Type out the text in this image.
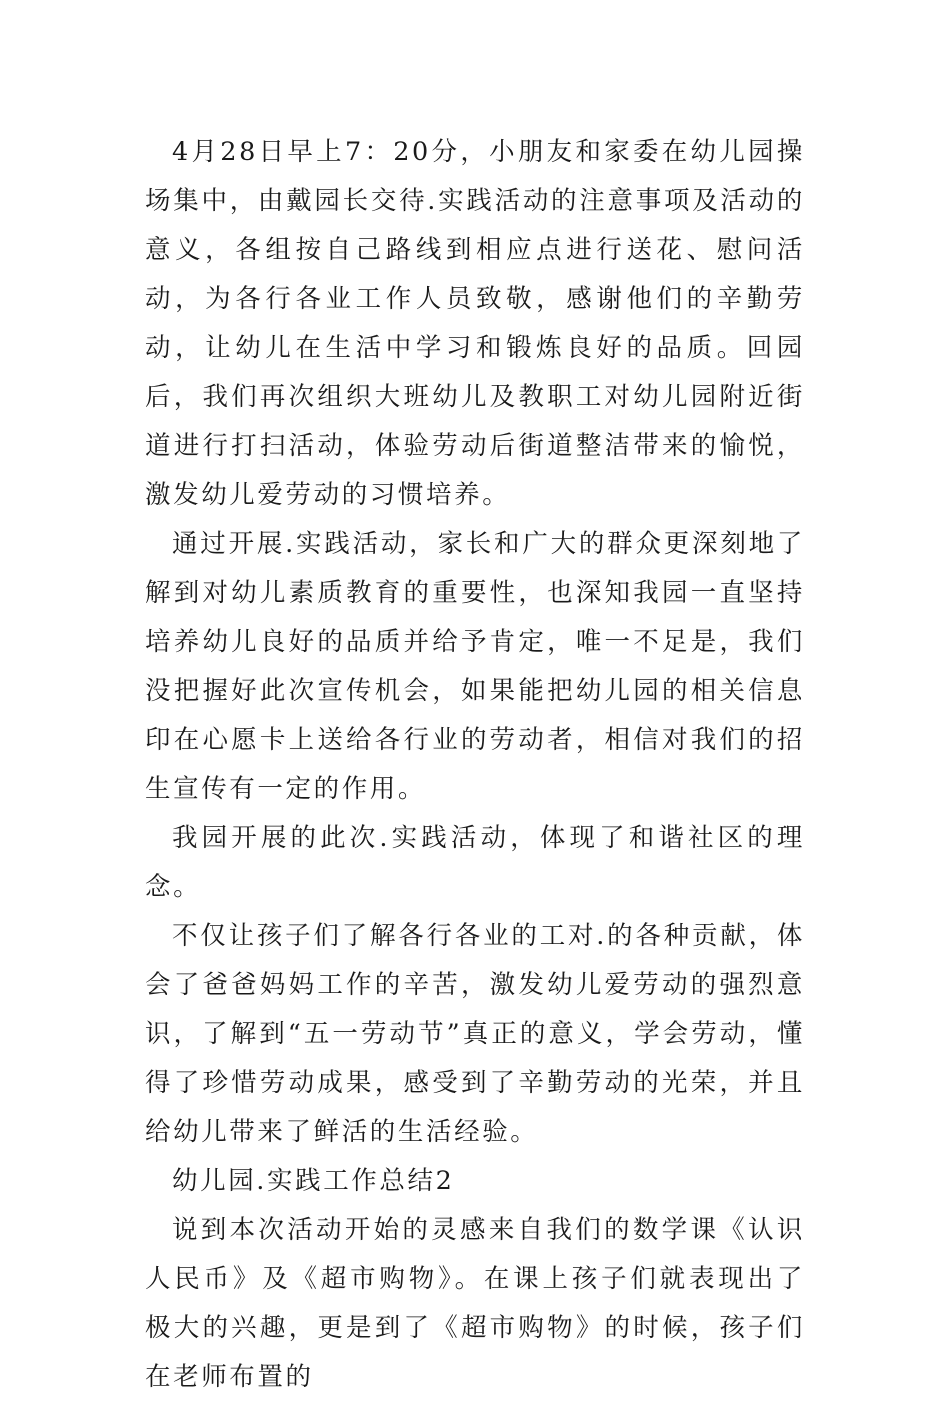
4月28日早上7：20分，小朋友和家委在幼儿园操场集中，由戴园长交待.实践活动的注意事项及活动的意义，各组按自己路线到相应点进行送花、慰问活动，为各行各业工作人员致敬，感谢他们的辛勤劳动，让幼儿在生活中学习和锻炼良好的品质。回园后，我们再次组织大班幼儿及教职工对幼儿园附近街道进行打扫活动，体验劳动后街道整洁带来的愉悦，激发幼儿爱劳动的习惯培养。

通过开展.实践活动，家长和广大的群众更深刻地了解到对幼儿素质教育的重要性，也深知我园一直坚持培养幼儿良好的品质并给予肯定，唯一不足是，我们没把握好此次宣传机会，如果能把幼儿园的相关信息印在心愿卡上送给各行业的劳动者，相信对我们的招生宣传有一定的作用。

我园开展的此次.实践活动，体现了和谐社区的理念。

不仅让孩子们了解各行各业的工对.的各种贡献，体会了爸爸妈妈工作的辛苦，激发幼儿爱劳动的强烈意识，了解到“五一劳动节”真正的意义，学会劳动，懂得了珍惜劳动成果，感受到了辛勤劳动的光荣，并且给幼儿带来了鲜活的生活经验。

幼儿园.实践工作总结2

说到本次活动开始的灵感来自我们的数学课《认识人民币》及《超市购物》。在课上孩子们就表现出了极大的兴趣，更是到了《超市购物》的时候，孩子们在老师布置的
